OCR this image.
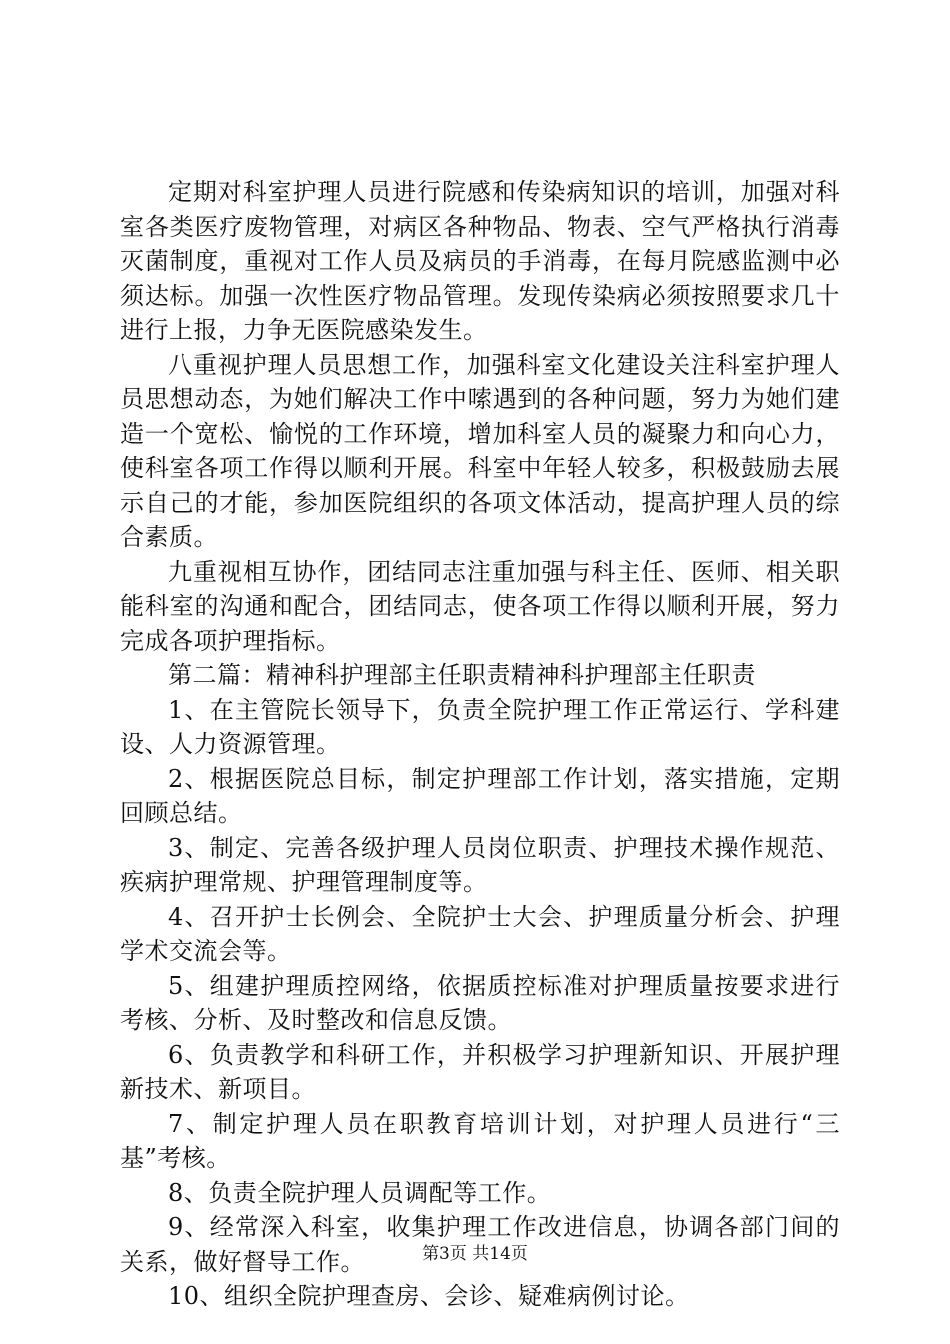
定期对科室护理人员进行院感和传染病知识的培训，加强对科室各类医疗废物管理，对病区各种物品、物表、空气严格执行消毒灭菌制度，重视对工作人员及病员的手消毒，在每月院感监测中必须达标。加强一次性医疗物品管理。发现传染病必须按照要求几十进行上报，力争无医院感染发生。

八重视护理人员思想工作，加强科室文化建设关注科室护理人员思想动态，为她们解决工作中嗦遇到的各种问题，努力为她们建造一个宽松、愉悦的工作环境，增加科室人员的凝聚力和向心力，使科室各项工作得以顺利开展。科室中年轻人较多，积极鼓励去展示自己的才能，参加医院组织的各项文体活动，提高护理人员的综合素质。

九重视相互协作，团结同志注重加强与科主任、医师、相关职能科室的沟通和配合，团结同志，使各项工作得以顺利开展，努力完成各项护理指标。

第二篇：精神科护理部主任职责精神科护理部主任职责

1、在主管院长领导下，负责全院护理工作正常运行、学科建设、人力资源管理。

2、根据医院总目标，制定护理部工作计划，落实措施，定期回顾总结。

3、制定、完善各级护理人员岗位职责、护理技术操作规范、疾病护理常规、护理管理制度等。

4、召开护士长例会、全院护士大会、护理质量分析会、护理学术交流会等。

5、组建护理质控网络，依据质控标准对护理质量按要求进行考核、分析、及时整改和信息反馈。

6、负责教学和科研工作，并积极学习护理新知识、开展护理新技术、新项目。

7、制定护理人员在职教育培训计划，对护理人员进行“三基”考核。

8、负责全院护理人员调配等工作。

9、经常深入科室，收集护理工作改进信息，协调各部门间的关系，做好督导工作。

10、组织全院护理查房、会诊、疑难病例讨论。

第3页 共14页
